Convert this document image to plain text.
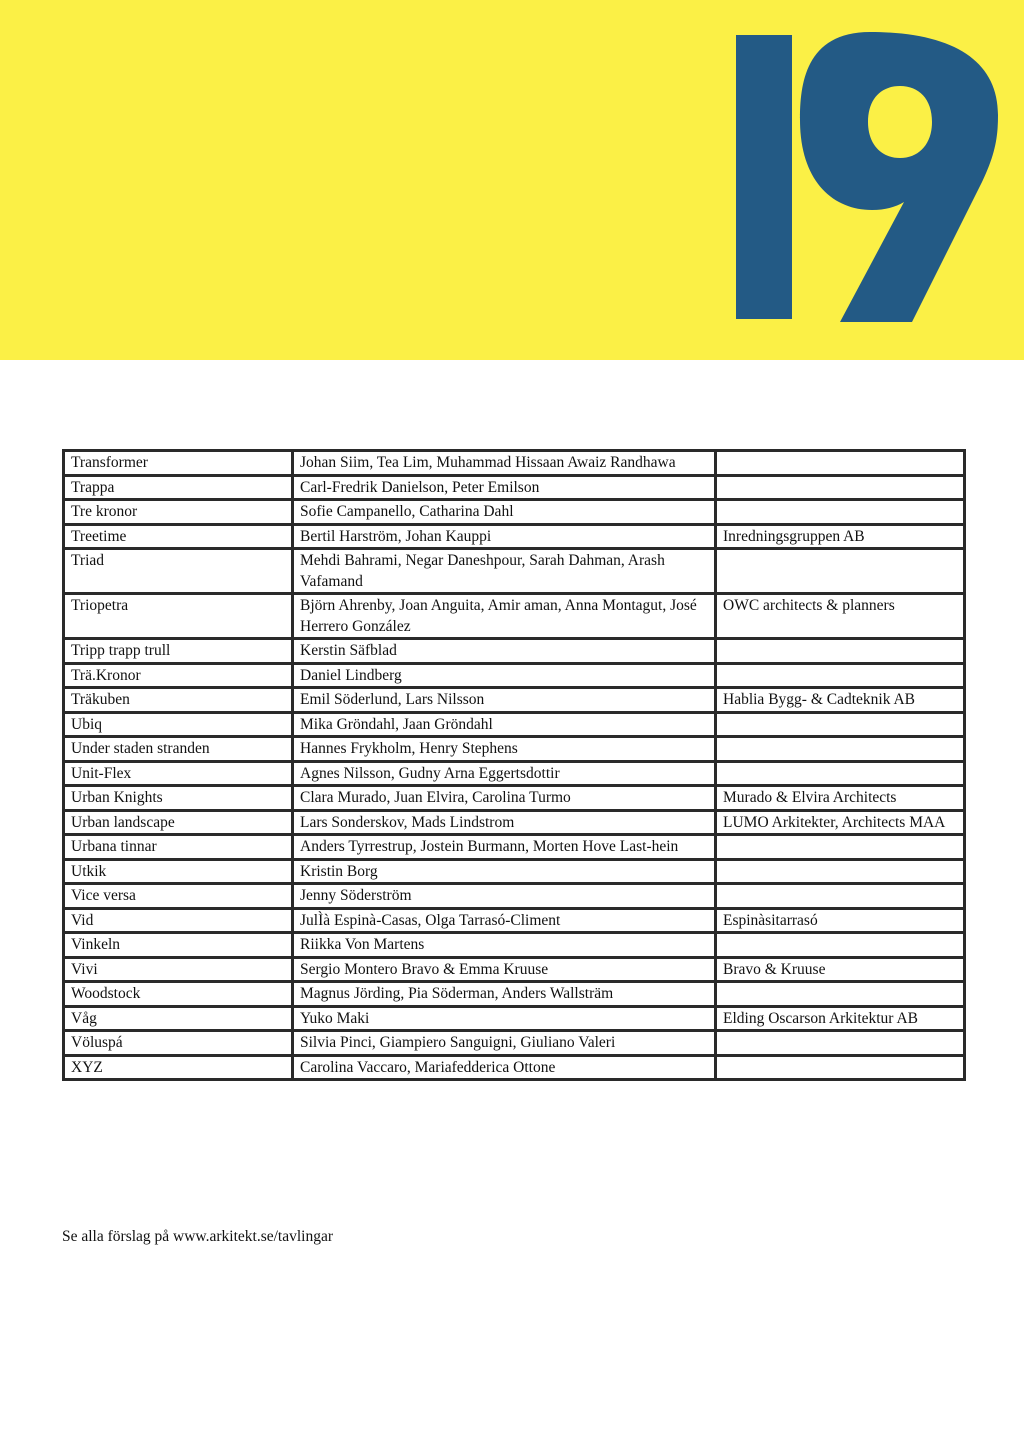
Transformer	Johan Siim, Tea Lim, Muhammad Hissaan Awaiz Randhawa	
Trappa	Carl-Fredrik Danielson, Peter Emilson	
Tre kronor	Sofie Campanello, Catharina Dahl	
Treetime	Bertil Harström, Johan Kauppi	Inredningsgruppen AB
Triad	Mehdi Bahrami, Negar Daneshpour, Sarah Dahman, Arash Vafamand	
Triopetra	Björn Ahrenby, Joan Anguita, Amir aman, Anna Montagut, José Herrero González	OWC architects & planners
Tripp trapp trull	Kerstin Säfblad	
Trä.Kronor	Daniel Lindberg	
Träkuben	Emil Söderlund, Lars Nilsson	Hablia Bygg- & Cadteknik AB
Ubiq	Mika Gröndahl, Jaan Gröndahl	
Under staden stranden	Hannes Frykholm, Henry Stephens	
Unit-Flex	Agnes Nilsson, Gudny Arna Eggertsdottir	
Urban Knights	Clara Murado, Juan Elvira, Carolina Turmo	Murado & Elvira Architects
Urban landscape	Lars Sonderskov, Mads Lindstrom	LUMO Arkitekter, Architects MAA
Urbana tinnar	Anders Tyrrestrup, Jostein Burmann, Morten Hove Last-hein	
Utkik	Kristin Borg	
Vice versa	Jenny Söderström	
Vid	JulÌà Espinà-Casas, Olga Tarrasó-Climent	Espinàsitarrasó
Vinkeln	Riikka Von Martens	
Vivi	Sergio Montero Bravo & Emma Kruuse	Bravo & Kruuse
Woodstock	Magnus Jörding, Pia Söderman, Anders Wallsträm	
Våg	Yuko Maki	Elding Oscarson Arkitektur AB
Völuspá	Silvia Pinci, Giampiero Sanguigni, Giuliano Valeri	
XYZ	Carolina Vaccaro, Mariafedderica Ottone	
Se alla förslag på www.arkitekt.se/tavlingar
